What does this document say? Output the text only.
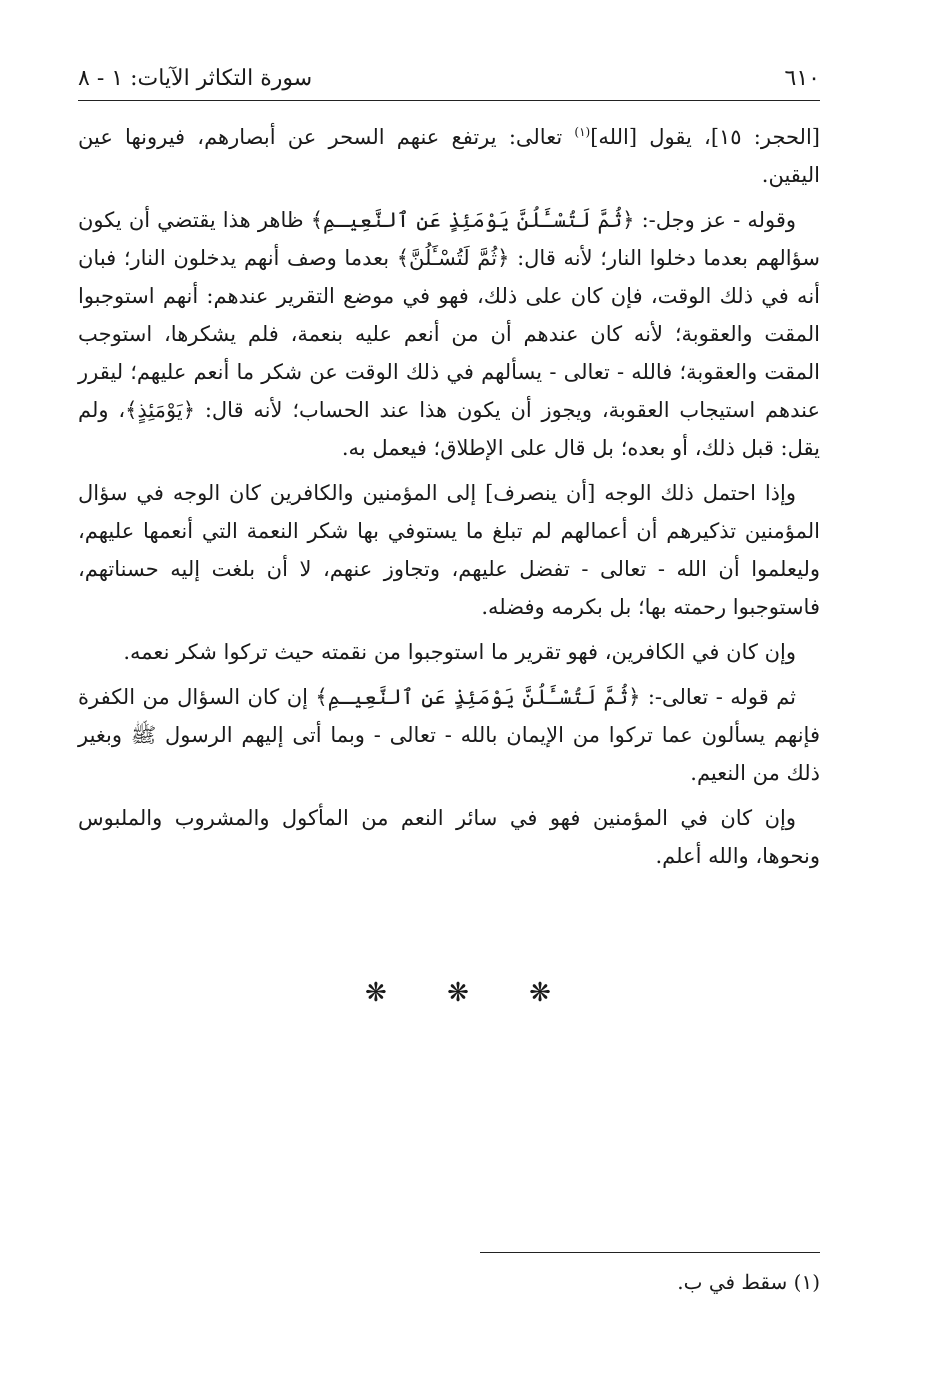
٦١٠
سورة التكاثر الآيات: ١ - ٨

[الحجر: ١٥]، يقول [الله]$^{(١)}$ تعالى: يرتفع عنهم السحر عن أبصارهم، فيرونها عين اليقين.

وقوله - عز وجل-: ﴿ثُمَّ لَتُسْـَٔلُنَّ يَوْمَئِذٍ عَنِ ٱلنَّعِيـمِ﴾ ظاهر هذا يقتضي أن يكون سؤالهم بعدما دخلوا النار؛ لأنه قال: ﴿ثُمَّ لَتُسْـَٔلُنَّ﴾ بعدما وصف أنهم يدخلون النار؛ فبان أنه في ذلك الوقت، فإن كان على ذلك، فهو في موضع التقرير عندهم: أنهم استوجبوا المقت والعقوبة؛ لأنه كان عندهم أن من أنعم عليه بنعمة، فلم يشكرها، استوجب المقت والعقوبة؛ فالله - تعالى - يسألهم في ذلك الوقت عن شكر ما أنعم عليهم؛ ليقرر عندهم استيجاب العقوبة، ويجوز أن يكون هذا عند الحساب؛ لأنه قال: ﴿يَوْمَئِذٍ﴾، ولم يقل: قبل ذلك، أو بعده؛ بل قال على الإطلاق؛ فيعمل به.

وإذا احتمل ذلك الوجه [أن ينصرف] إلى المؤمنين والكافرين كان الوجه في سؤال المؤمنين تذكيرهم أن أعمالهم لم تبلغ ما يستوفي بها شكر النعمة التي أنعمها عليهم، وليعلموا أن الله - تعالى - تفضل عليهم، وتجاوز عنهم، لا أن بلغت إليه حسناتهم، فاستوجبوا رحمته بها؛ بل بكرمه وفضله.

وإن كان في الكافرين، فهو تقرير ما استوجبوا من نقمته حيث تركوا شكر نعمه.

ثم قوله - تعالى-: ﴿ثُمَّ لَتُسْـَٔلُنَّ يَوْمَئِذٍ عَنِ ٱلنَّعِيـمِ﴾ إن كان السؤال من الكفرة فإنهم يسألون عما تركوا من الإيمان بالله - تعالى - وبما أتى إليهم الرسول ﷺ وبغير ذلك من النعيم.

وإن كان في المؤمنين فهو في سائر النعم من المأكول والمشروب والملبوس ونحوها، والله أعلم.

❋ ❋ ❋
(١) سقط في ب.
